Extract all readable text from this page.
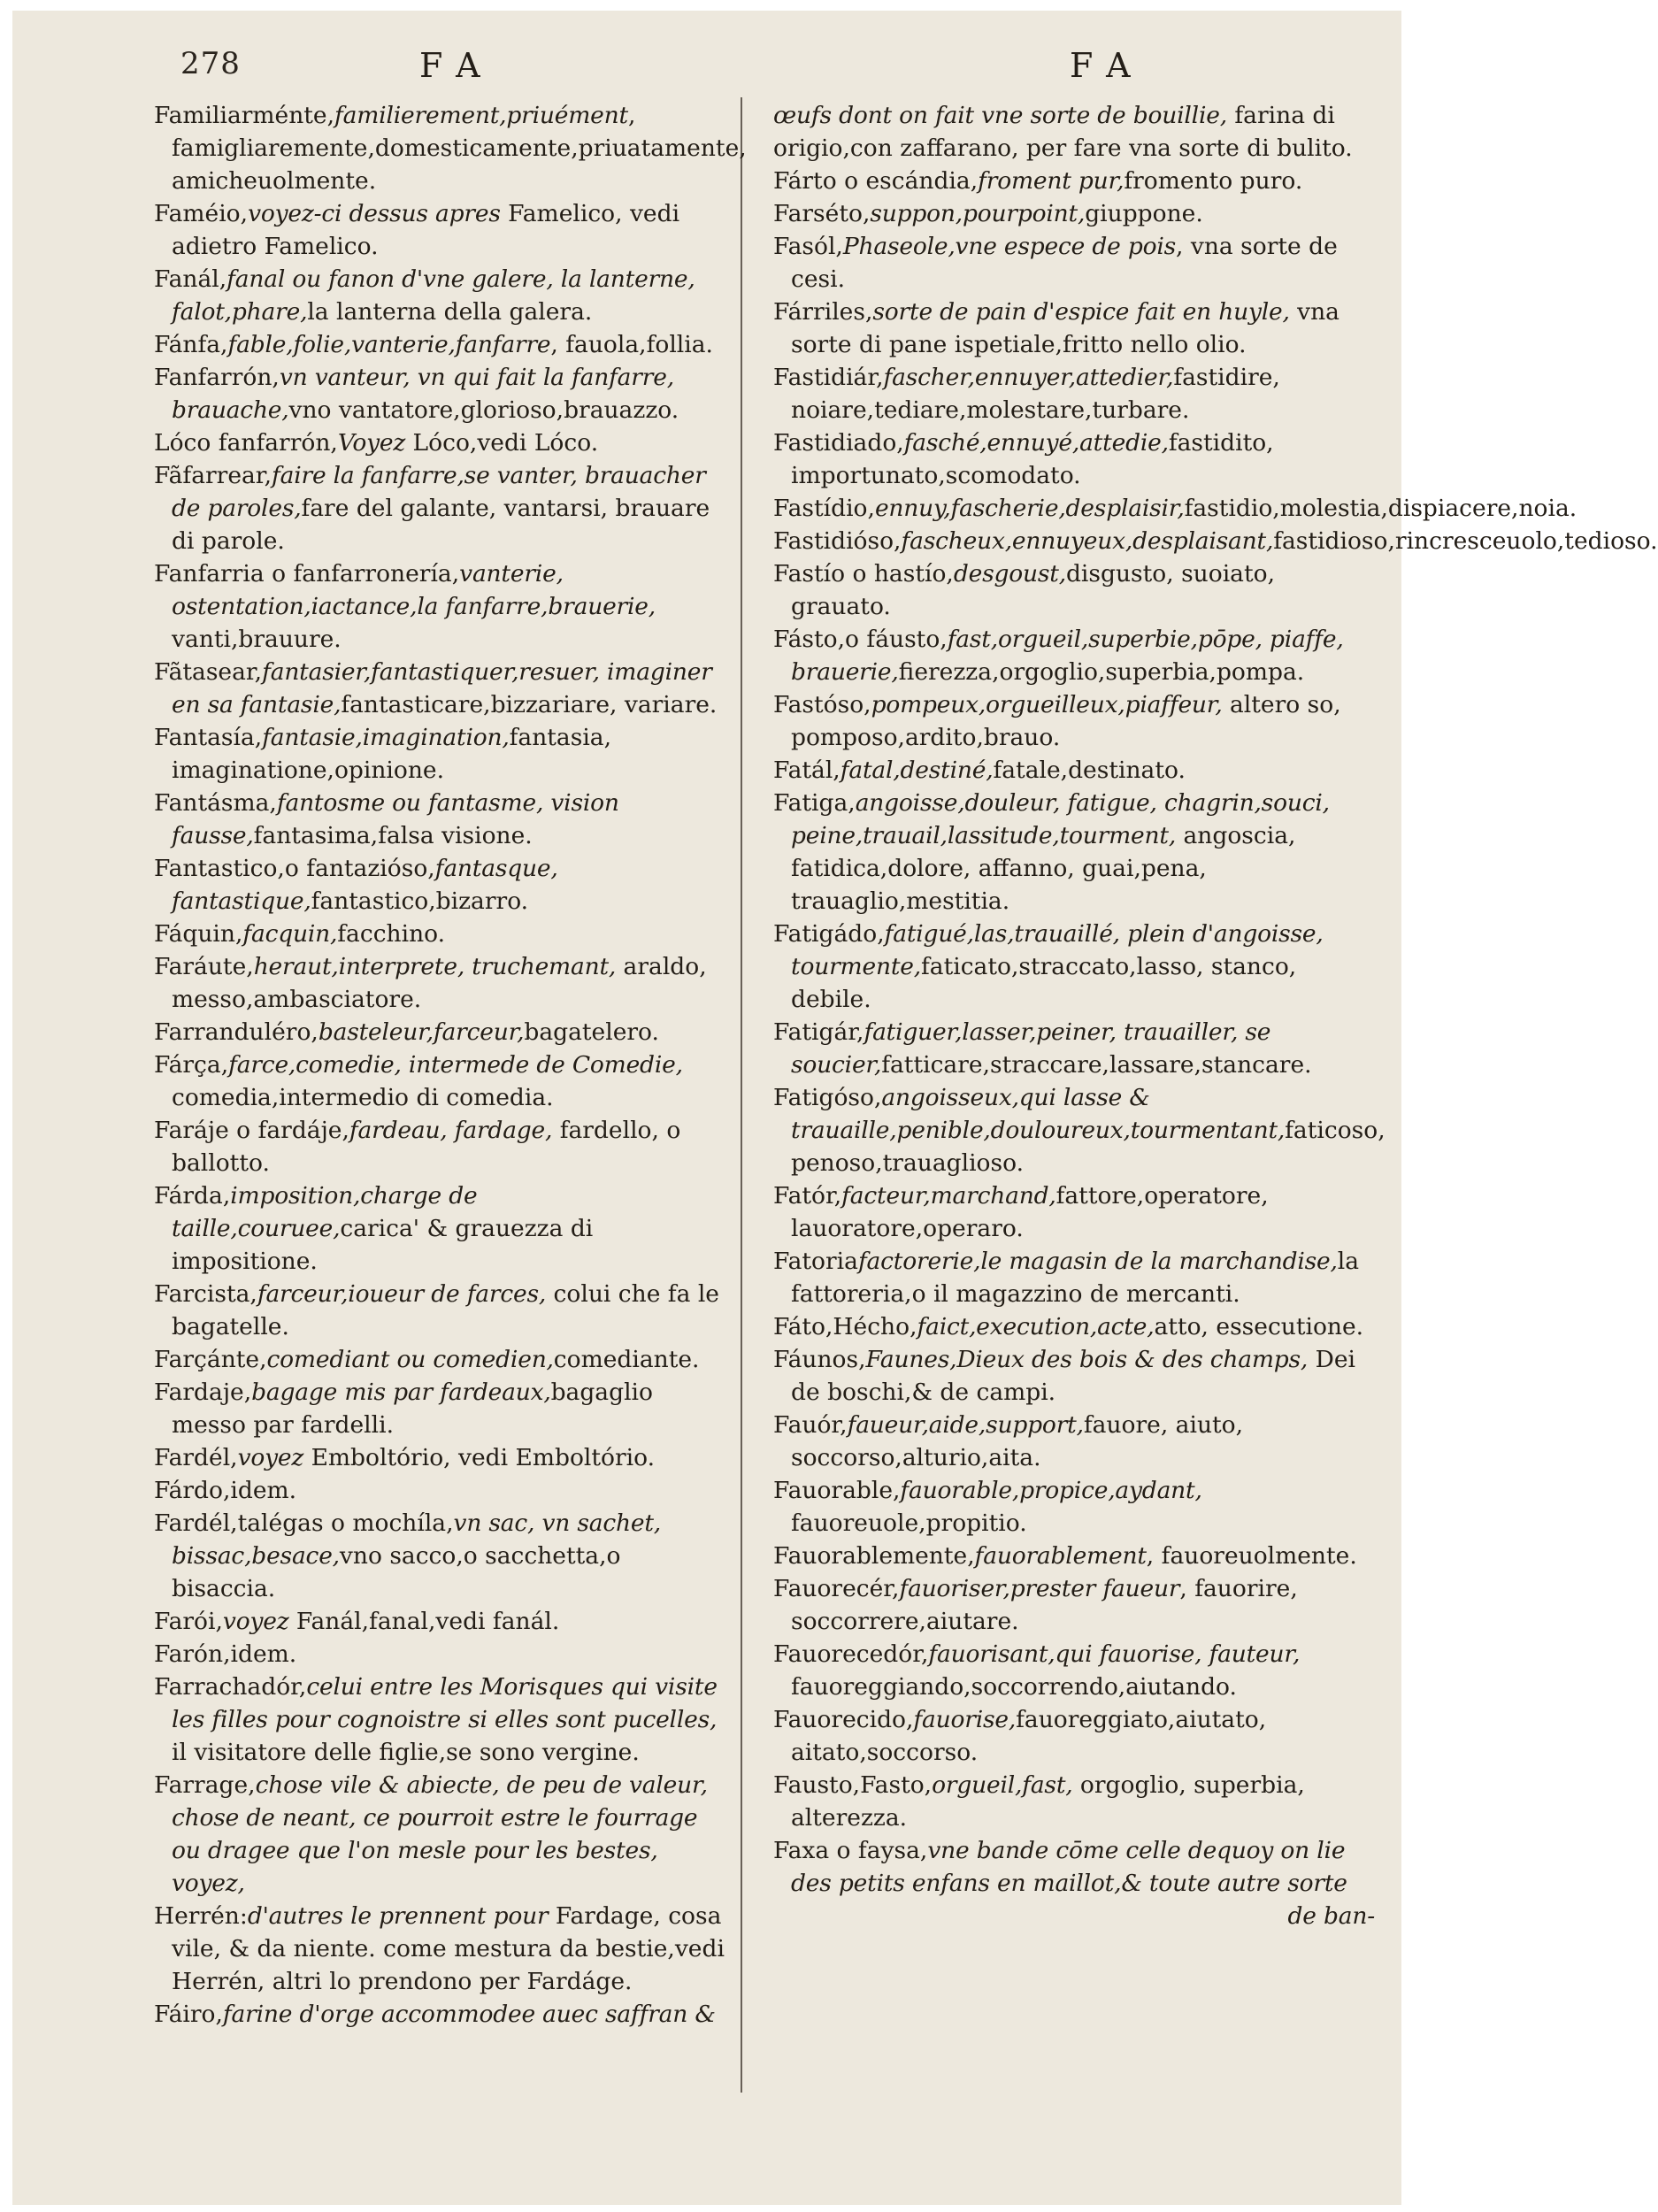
278	FA	FA

Familiarménte,familierement,priuément, famigliaremente,domesticamente,priuatamente, amicheuolmente.

Faméio,voyez-ci dessus apres Famelico, vedi adietro Famelico.

Fanál,fanal ou fanon d'vne galere, la lanterne, falot,phare,la lanterna della galera.

Fánfa,fable,folie,vanterie,fanfarre, fauola,follia.

Fanfarrón,vn vanteur, vn qui fait la fanfarre, brauache,vno vantatore,glorioso,brauazzo.

Lóco fanfarrón,Voyez Lóco,vedi Lóco.

Fãfarrear,faire la fanfarre,se vanter, brauacher de paroles,fare del galante, vantarsi, brauare di parole.

Fanfarria o fanfarronería,vanterie, ostentation,iactance,la fanfarre,brauerie, vanti,brauure.

Fãtasear,fantasier,fantastiquer,resuer, imaginer en sa fantasie,fantasticare,bizzariare, variare.

Fantasía,fantasie,imagination,fantasia, imaginatione,opinione.

Fantásma,fantosme ou fantasme, vision fausse,fantasima,falsa visione.

Fantastico,o fantazióso,fantasque, fantastique,fantastico,bizarro.

Fáquin,facquin,facchino.

Faráute,heraut,interprete, truchemant, araldo, messo,ambasciatore.

Farranduléro,basteleur,farceur,bagatelero.

Fárça,farce,comedie, intermede de Comedie, comedia,intermedio di comedia.

Faráje o fardáje,fardeau, fardage, fardello, o ballotto.

Fárda,imposition,charge de taille,couruee,carica' & grauezza di impositione.

Farcista,farceur,ioueur de farces, colui che fa le bagatelle.

Farçánte,comediant ou comedien,comediante.

Fardaje,bagage mis par fardeaux,bagaglio messo par fardelli.

Fardél,voyez Emboltório, vedi Emboltório.

Fárdo,idem.

Fardél,talégas o mochíla,vn sac, vn sachet, bissac,besace,vno sacco,o sacchetta,o bisaccia.

Farói,voyez Fanál,fanal,vedi fanál.

Farón,idem.

Farrachadór,celui entre les Morisques qui visite les filles pour cognoistre si elles sont pucelles, il visitatore delle figlie,se sono vergine.

Farrage,chose vile & abiecte, de peu de valeur, chose de neant, ce pourroit estre le fourrage ou dragee que l'on mesle pour les bestes, voyez,

Herrén:d'autres le prennent pour Fardage, cosa vile, & da niente. come mestura da bestie,vedi Herrén, altri lo prendono per Fardáge.

Fáiro,farine d'orge accommodee auec saffran &

œufs dont on fait vne sorte de bouillie, farina di origio,con zaffarano, per fare vna sorte di bulito.

Fárto o escándia,froment pur,fromento puro.

Farséto,suppon,pourpoint,giuppone.

Fasól,Phaseole,vne espece de pois, vna sorte de cesi.

Fárriles,sorte de pain d'espice fait en huyle, vna sorte di pane ispetiale,fritto nello olio.

Fastidiár,fascher,ennuyer,attedier,fastidire, noiare,tediare,molestare,turbare.

Fastidiado,fasché,ennuyé,attedie,fastidito, importunato,scomodato.

Fastídio,ennuy,fascherie,desplaisir,fastidio,molestia,dispiacere,noia.

Fastidióso,fascheux,ennuyeux,desplaisant,fastidioso,rincresceuolo,tedioso.

Fastío o hastío,desgoust,disgusto, suoiato, grauato.

Fásto,o fáusto,fast,orgueil,superbie,pōpe, piaffe, brauerie,fierezza,orgoglio,superbia,pompa.

Fastóso,pompeux,orgueilleux,piaffeur, altero so, pomposo,ardito,brauo.

Fatál,fatal,destiné,fatale,destinato.

Fatiga,angoisse,douleur, fatigue, chagrin,souci, peine,trauail,lassitude,tourment, angoscia, fatidica,dolore, affanno, guai,pena, trauaglio,mestitia.

Fatigádo,fatigué,las,trauaillé, plein d'angoisse, tourmente,faticato,straccato,lasso, stanco, debile.

Fatigár,fatiguer,lasser,peiner, trauailler, se soucier,fatticare,straccare,lassare,stancare.

Fatigóso,angoisseux,qui lasse & trauaille,penible,douloureux,tourmentant,faticoso, penoso,trauaglioso.

Fatór,facteur,marchand,fattore,operatore, lauoratore,operaro.

Fatoriafactorerie,le magasin de la marchandise,la fattoreria,o il magazzino de mercanti.

Fáto,Hécho,faict,execution,acte,atto, essecutione.

Fáunos,Faunes,Dieux des bois & des champs, Dei de boschi,& de campi.

Fauór,faueur,aide,support,fauore, aiuto, soccorso,alturio,aita.

Fauorable,fauorable,propice,aydant, fauoreuole,propitio.

Fauorablemente,fauorablement, fauoreuolmente.

Fauorecér,fauoriser,prester faueur, fauorire, soccorrere,aiutare.

Fauorecedór,fauorisant,qui fauorise, fauteur, fauoreggiando,soccorrendo,aiutando.

Fauorecido,fauorise,fauoreggiato,aiutato, aitato,soccorso.

Fausto,Fasto,orgueil,fast, orgoglio, superbia, alterezza.

Faxa o faysa,vne bande cōme celle dequoy on lie des petits enfans en maillot,& toute autre sorte

de ban-
